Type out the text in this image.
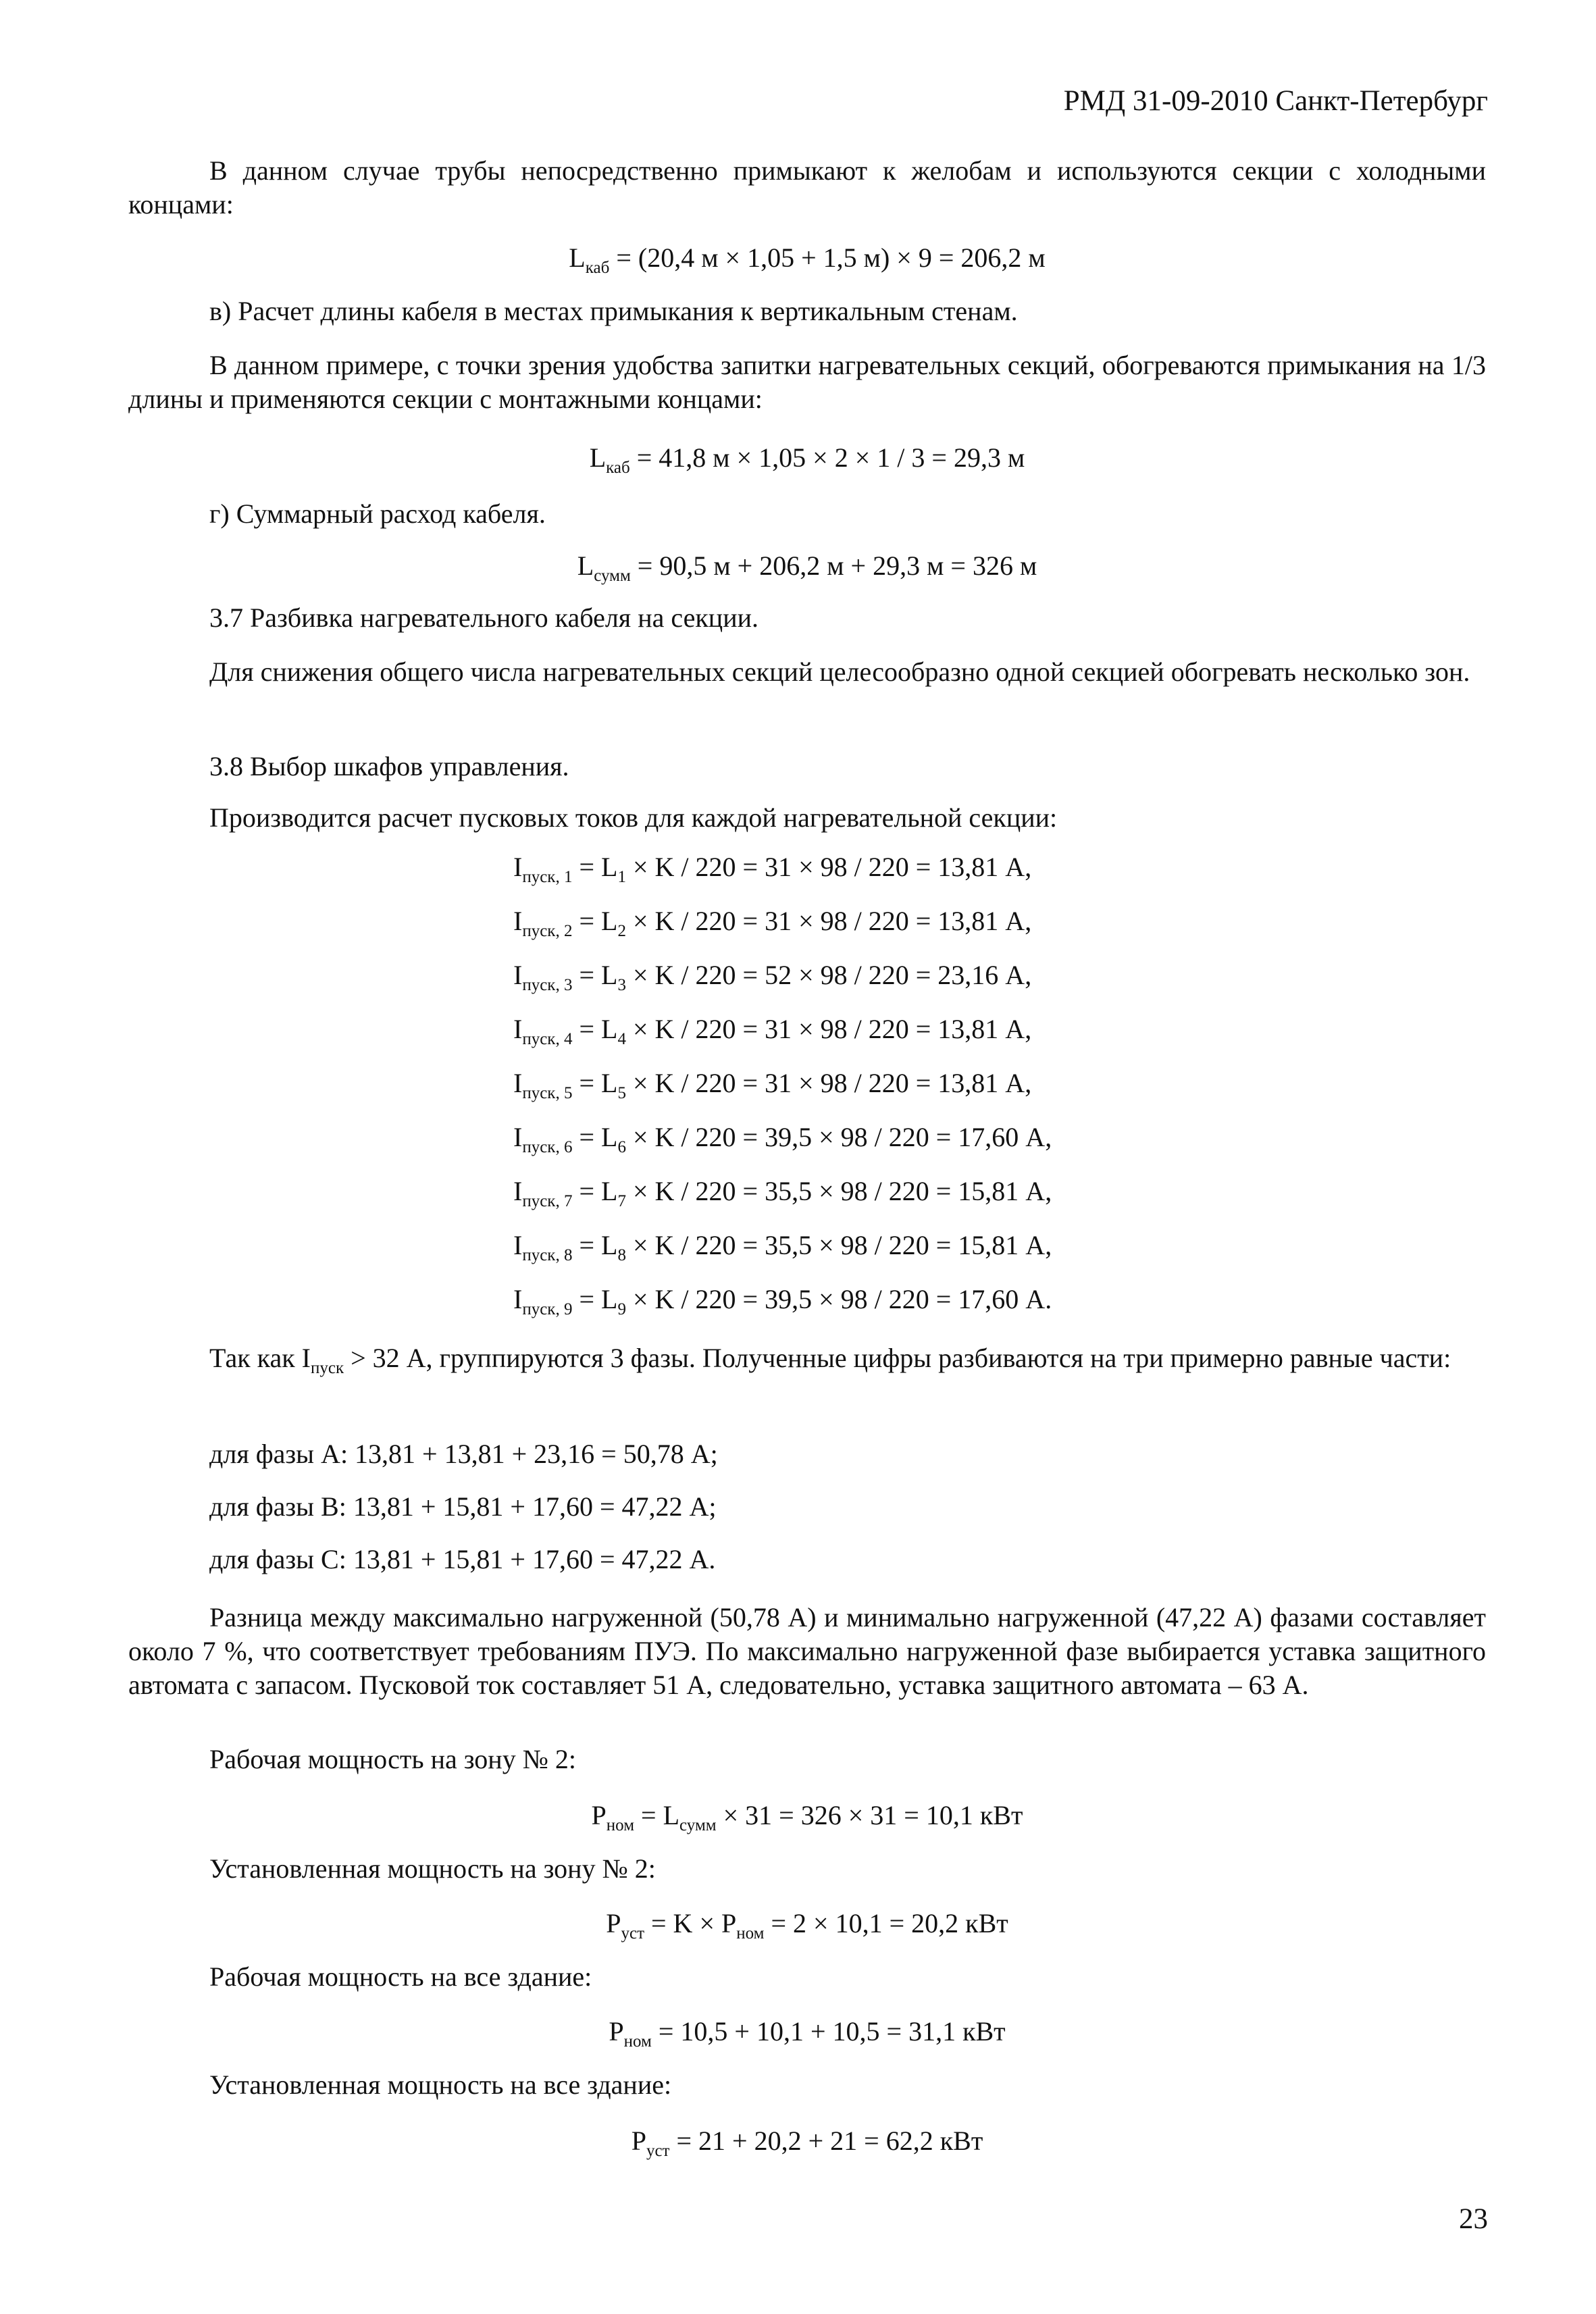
РМД 31-09-2010 Санкт-Петербург
В данном случае трубы непосредственно примыкают к желобам и используются секции с холодными концами:
$L_{каб} = (20,4$ м × 1,05 + 1,5 м) × 9 = 206,2 м
в) Расчет длины кабеля в местах примыкания к вертикальным стенам.
В данном примере, с точки зрения удобства запитки нагревательных секций, обогреваются примыкания на 1/3 длины и применяются секции с монтажными концами:
$L_{каб} = 41,8$ м × 1,05 × 2 × 1 / 3 = 29,3 м
г) Суммарный расход кабеля.
$L_{сумм} = 90,5$ м + 206,2 м + 29,3 м = 326 м
3.7 Разбивка нагревательного кабеля на секции.
Для снижения общего числа нагревательных секций целесообразно одной секцией обогревать несколько зон.
3.8 Выбор шкафов управления.
Производится расчет пусковых токов для каждой нагревательной секции:
$I_{пуск, 1} = L_1 \times K / 220 = 31 \times 98 / 220 = 13,81$ А,
$I_{пуск, 2} = L_2 \times K / 220 = 31 \times 98 / 220 = 13,81$ А,
$I_{пуск, 3} = L_3 \times K / 220 = 52 \times 98 / 220 = 23,16$ А,
$I_{пуск, 4} = L_4 \times K / 220 = 31 \times 98 / 220 = 13,81$ А,
$I_{пуск, 5} = L_5 \times K / 220 = 31 \times 98 / 220 = 13,81$ А,
$I_{пуск, 6} = L_6 \times K / 220 = 39,5 \times 98 / 220 = 17,60$ А,
$I_{пуск, 7} = L_7 \times K / 220 = 35,5 \times 98 / 220 = 15,81$ А,
$I_{пуск, 8} = L_8 \times K / 220 = 35,5 \times 98 / 220 = 15,81$ А,
$I_{пуск, 9} = L_9 \times K / 220 = 39,5 \times 98 / 220 = 17,60$ А.
Так как $I_{пуск} > 32$ А, группируются 3 фазы. Полученные цифры разбиваются на три примерно равные части:
для фазы А: 13,81 + 13,81 + 23,16 = 50,78 А;
для фазы В: 13,81 + 15,81 + 17,60 = 47,22 А;
для фазы С: 13,81 + 15,81 + 17,60 = 47,22 А.
Разница между максимально нагруженной (50,78 А) и минимально нагруженной (47,22 А) фазами составляет около 7 %, что соответствует требованиям ПУЭ. По максимально нагруженной фазе выбирается уставка защитного автомата с запасом. Пусковой ток составляет 51 А, следовательно, уставка защитного автомата – 63 А.
Рабочая мощность на зону № 2:
$P_{ном} = L_{сумм} \times 31 = 326 \times 31 = 10,1$ кВт
Установленная мощность на зону № 2:
$P_{уст} = K \times P_{ном} = 2 \times 10,1 = 20,2$ кВт
Рабочая мощность на все здание:
$P_{ном} = 10,5 + 10,1 + 10,5 = 31,1$ кВт
Установленная мощность на все здание:
$P_{уст} = 21 + 20,2 + 21 = 62,2$ кВт
23
